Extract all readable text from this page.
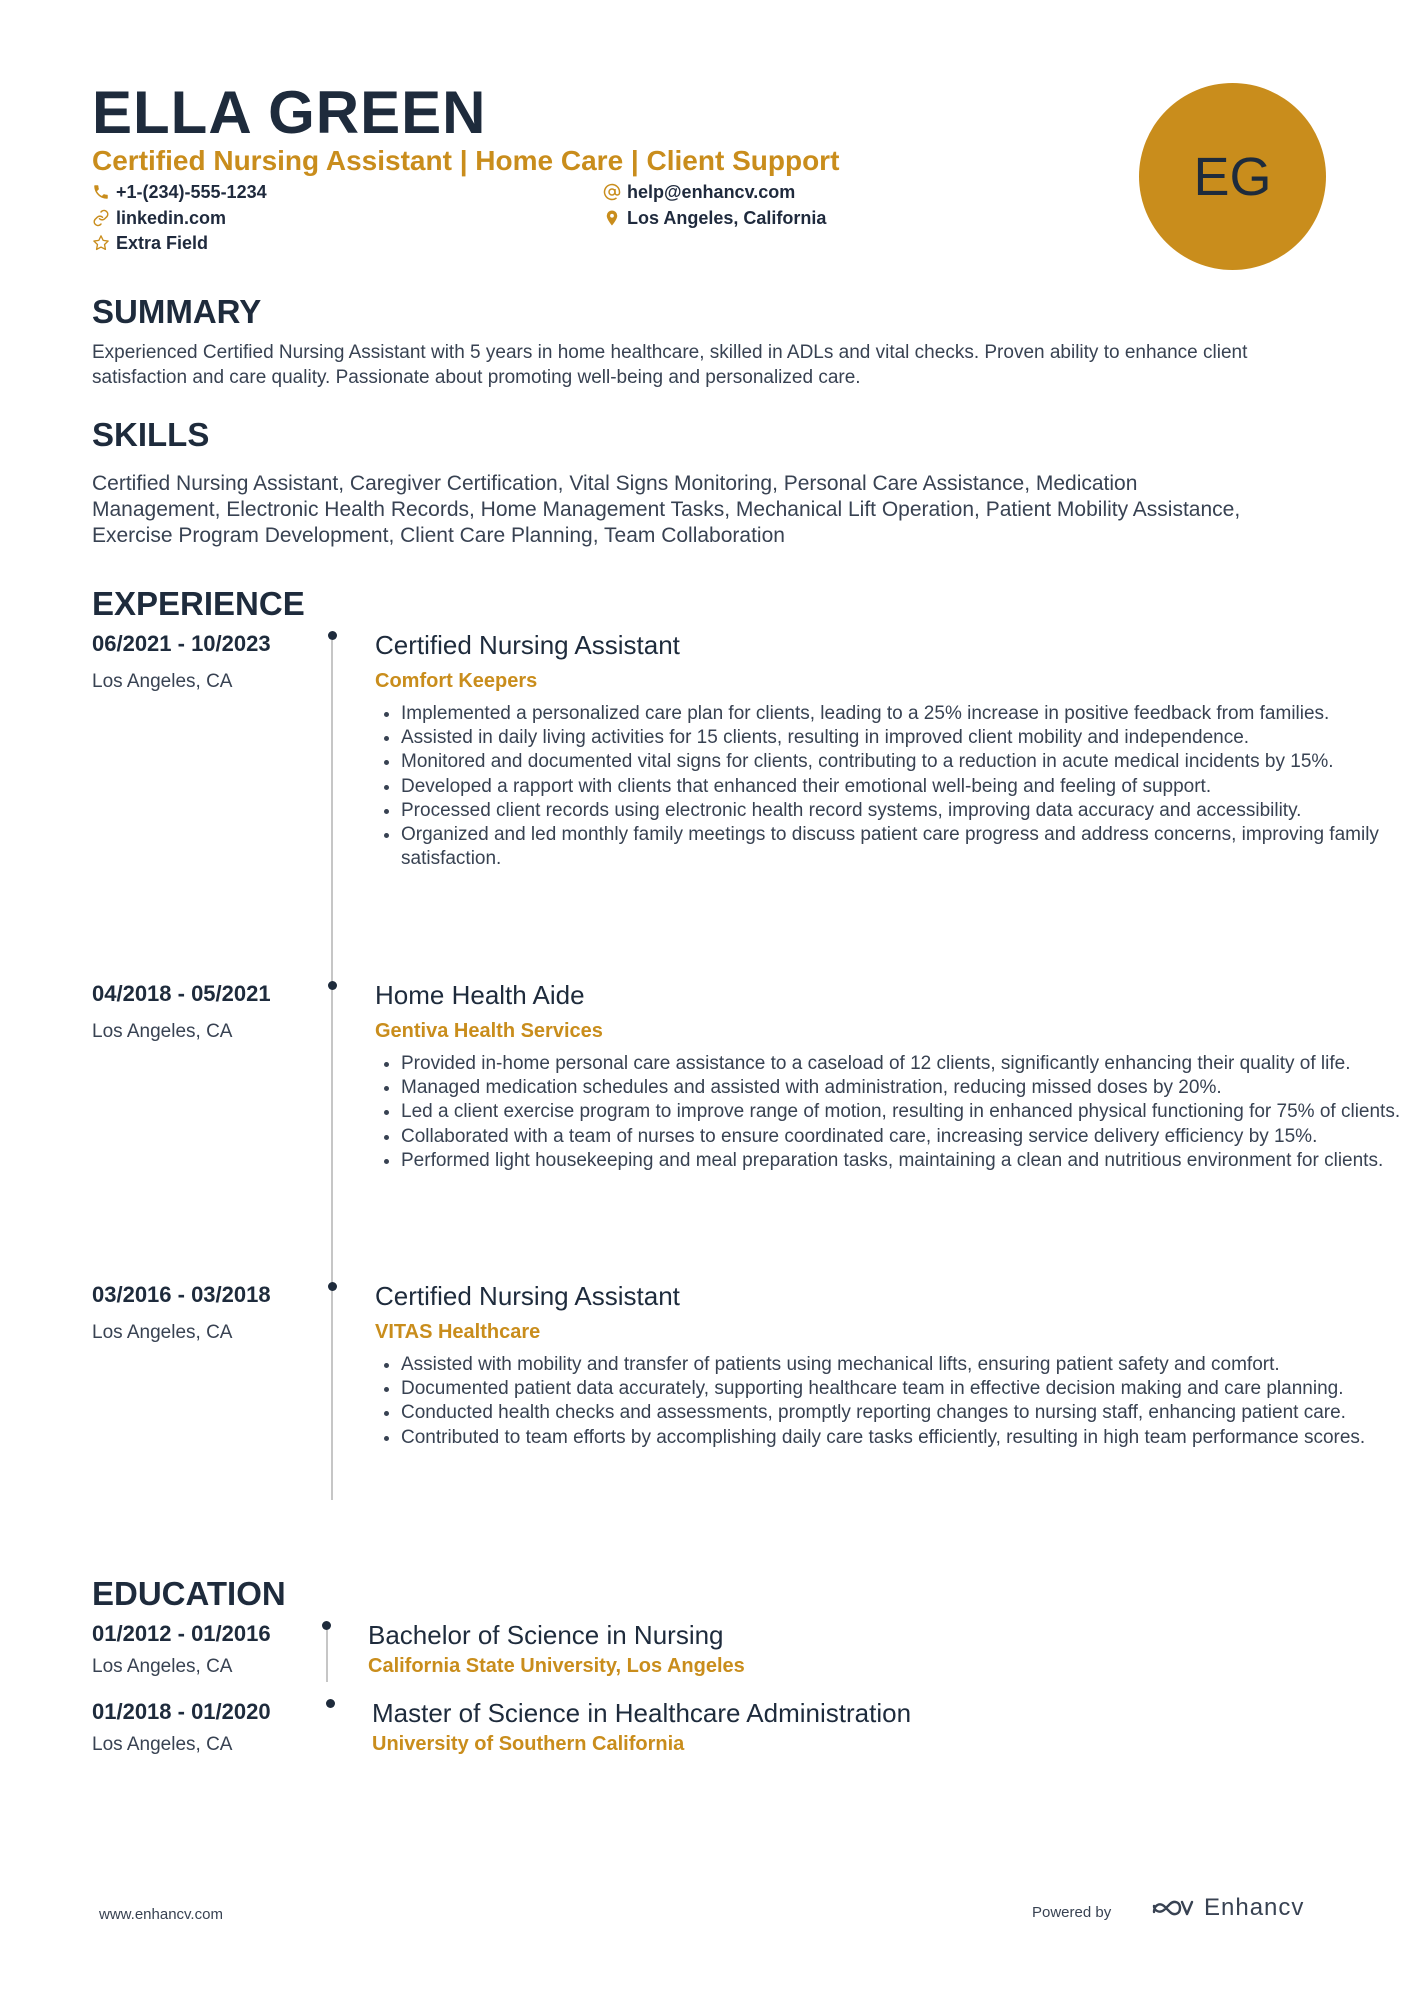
ELLA GREEN
Certified Nursing Assistant | Home Care | Client Support
+1-(234)-555-1234	help@enhancv.com
linkedin.com	Los Angeles, California
Extra Field
EG
SUMMARY

Experienced Certified Nursing Assistant with 5 years in home healthcare, skilled in ADLs and vital checks. Proven ability to enhance client satisfaction and care quality. Passionate about promoting well-being and personalized care.

SKILLS

Certified Nursing Assistant, Caregiver Certification, Vital Signs Monitoring, Personal Care Assistance, Medication Management, Electronic Health Records, Home Management Tasks, Mechanical Lift Operation, Patient Mobility Assistance, Exercise Program Development, Client Care Planning, Team Collaboration

EXPERIENCE
06/2021 - 10/2023
Los Angeles, CA
Certified Nursing Assistant
Comfort Keepers
• Implemented a personalized care plan for clients, leading to a 25% increase in positive feedback from families.
• Assisted in daily living activities for 15 clients, resulting in improved client mobility and independence.
• Monitored and documented vital signs for clients, contributing to a reduction in acute medical incidents by 15%.
• Developed a rapport with clients that enhanced their emotional well-being and feeling of support.
• Processed client records using electronic health record systems, improving data accuracy and accessibility.
• Organized and led monthly family meetings to discuss patient care progress and address concerns, improving family satisfaction.
04/2018 - 05/2021
Los Angeles, CA
Home Health Aide
Gentiva Health Services
• Provided in-home personal care assistance to a caseload of 12 clients, significantly enhancing their quality of life.
• Managed medication schedules and assisted with administration, reducing missed doses by 20%.
• Led a client exercise program to improve range of motion, resulting in enhanced physical functioning for 75% of clients.
• Collaborated with a team of nurses to ensure coordinated care, increasing service delivery efficiency by 15%.
• Performed light housekeeping and meal preparation tasks, maintaining a clean and nutritious environment for clients.
03/2016 - 03/2018
Los Angeles, CA
Certified Nursing Assistant
VITAS Healthcare
• Assisted with mobility and transfer of patients using mechanical lifts, ensuring patient safety and comfort.
• Documented patient data accurately, supporting healthcare team in effective decision making and care planning.
• Conducted health checks and assessments, promptly reporting changes to nursing staff, enhancing patient care.
• Contributed to team efforts by accomplishing daily care tasks efficiently, resulting in high team performance scores.
EDUCATION
01/2012 - 01/2016
Los Angeles, CA
Bachelor of Science in Nursing
California State University, Los Angeles
01/2018 - 01/2020
Los Angeles, CA
Master of Science in Healthcare Administration
University of Southern California
www.enhancv.com	Powered by	Enhancv
